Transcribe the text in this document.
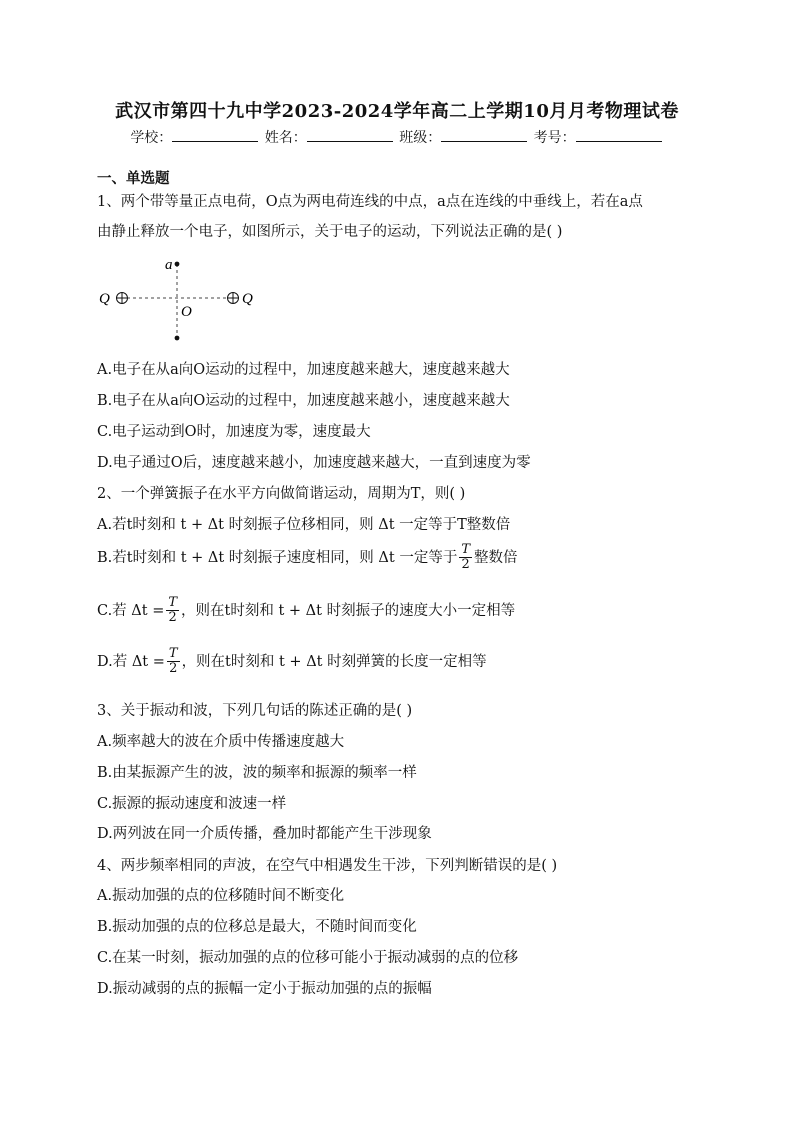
武汉市第四十九中学2023-2024学年高二上学期10月月考物理试卷
学校：	姓名：	班级：	考号：
一、单选题
1、两个带等量正点电荷，O点为两电荷连线的中点，a点在连线的中垂线上，若在a点
由静止释放一个电子，如图所示，关于电子的运动，下列说法正确的是( )
a
O
Q	Q
A.电子在从a向O运动的过程中，加速度越来越大，速度越来越大
B.电子在从a向O运动的过程中，加速度越来越小，速度越来越大
C.电子运动到O时，加速度为零，速度最大
D.电子通过O后，速度越来越小，加速度越来越大，一直到速度为零
2、一个弹簧振子在水平方向做简谐运动，周期为T，则( )
A.若t时刻和 t + Δt 时刻振子位移相同，则 Δt 一定等于T整数倍
B.若t时刻和 t + Δt 时刻振子速度相同，则 Δt 一定等于 $\frac{T}{2}$ 整数倍
C.若 $\Delta t = \frac{T}{2}$ ，则在t时刻和 t + Δt 时刻振子的速度大小一定相等
D.若 $\Delta t = \frac{T}{2}$ ，则在t时刻和 t + Δt 时刻弹簧的长度一定相等
3、关于振动和波，下列几句话的陈述正确的是( )
A.频率越大的波在介质中传播速度越大
B.由某振源产生的波，波的频率和振源的频率一样
C.振源的振动速度和波速一样
D.两列波在同一介质传播，叠加时都能产生干涉现象
4、两步频率相同的声波，在空气中相遇发生干涉，下列判断错误的是( )
A.振动加强的点的位移随时间不断变化
B.振动加强的点的位移总是最大，不随时间而变化
C.在某一时刻，振动加强的点的位移可能小于振动减弱的点的位移
D.振动减弱的点的振幅一定小于振动加强的点的振幅
